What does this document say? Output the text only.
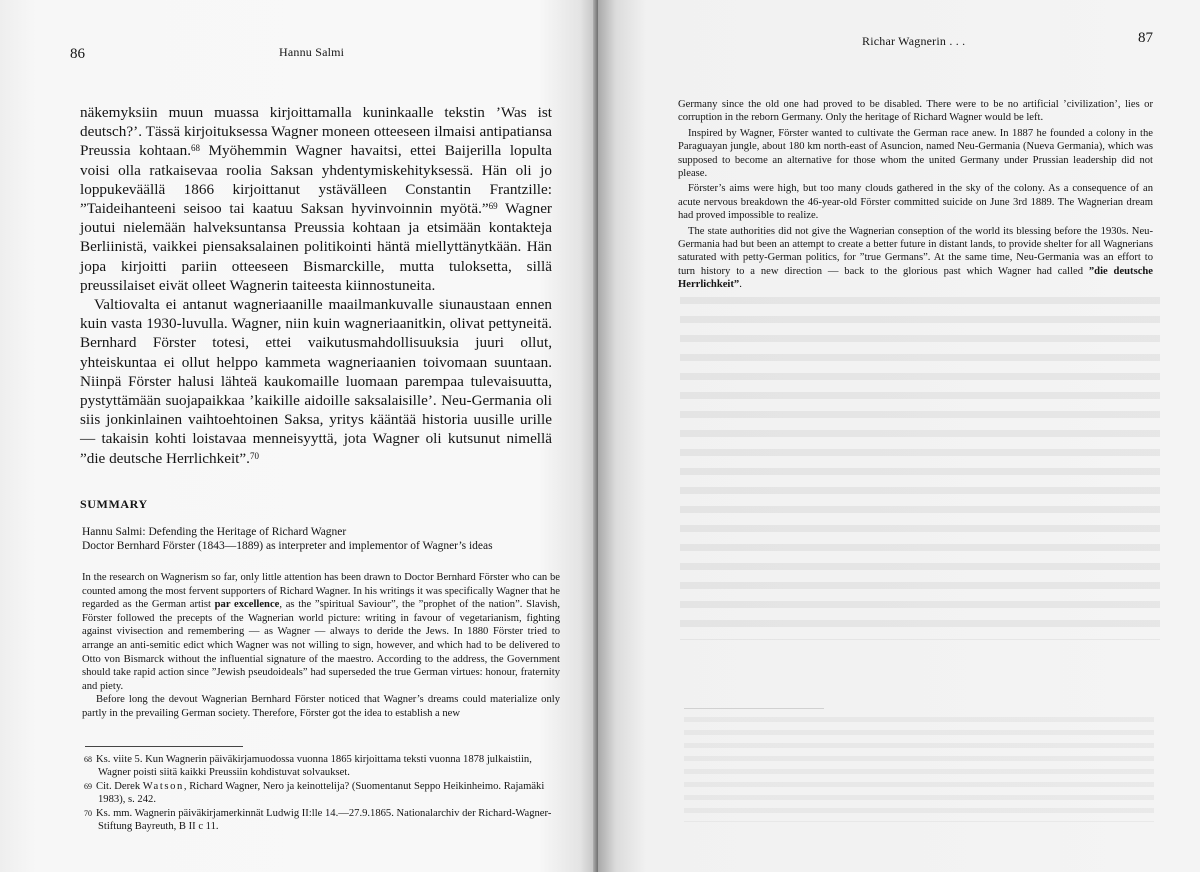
86	Hannu Salmi

näkemyksiin muun muassa kirjoittamalla kuninkaalle tekstin ’Was ist deutsch?’. Tässä kirjoituksessa Wagner moneen otteeseen ilmaisi antipatiansa Preussia kohtaan.$^{68}$ Myöhemmin Wagner havaitsi, ettei Baijerilla lopulta voisi olla ratkaisevaa roolia Saksan yhdentymiskehityksessä. Hän oli jo loppukeväällä 1866 kirjoittanut ystävälleen Constantin Frantzille: ”Taideihanteeni seisoo tai kaatuu Saksan hyvinvoinnin myötä.”$^{69}$ Wagner joutui nielemään halveksuntansa Preussia kohtaan ja etsimään kontakteja Berliinistä, vaikkei piensaksalainen politikointi häntä miellyttänytkään. Hän jopa kirjoitti pariin otteeseen Bismarckille, mutta tuloksetta, sillä preussilaiset eivät olleet Wagnerin taiteesta kiinnostuneita.

Valtiovalta ei antanut wagneriaanille maailmankuvalle siunaustaan ennen kuin vasta 1930-luvulla. Wagner, niin kuin wagneriaanitkin, olivat pettyneitä. Bernhard Förster totesi, ettei vaikutusmahdollisuuksia juuri ollut, yhteiskuntaa ei ollut helppo kammeta wagneriaanien toivomaan suuntaan. Niinpä Förster halusi lähteä kaukomaille luomaan parempaa tulevaisuutta, pystyttämään suojapaikkaa ’kaikille aidoille saksalaisille’. Neu-Germania oli siis jonkinlainen vaihtoehtoinen Saksa, yritys kääntää historia uusille urille — takaisin kohti loistavaa menneisyyttä, jota Wagner oli kutsunut nimellä ”die deutsche Herrlichkeit”.$^{70}$

SUMMARY
Hannu Salmi: Defending the Heritage of Richard Wagner
Doctor Bernhard Förster (1843—1889) as interpreter and implementor of Wagner’s ideas

In the research on Wagnerism so far, only little attention has been drawn to Doctor Bernhard Förster who can be counted among the most fervent supporters of Richard Wagner. In his writings it was specifically Wagner that he regarded as the German artist par excellence, as the ”spiritual Saviour”, the ”prophet of the nation”. Slavish, Förster followed the precepts of the Wagnerian world picture: writing in favour of vegetarianism, fighting against vivisection and remembering — as Wagner — always to deride the Jews. In 1880 Förster tried to arrange an anti-semitic edict which Wagner was not willing to sign, however, and which had to be delivered to Otto von Bismarck without the influential signature of the maestro. According to the address, the Government should take rapid action since ”Jewish pseudoideals” had superseded the true German virtues: honour, fraternity and piety.

Before long the devout Wagnerian Bernhard Förster noticed that Wagner’s dreams could materialize only partly in the prevailing German society. Therefore, Förster got the idea to establish a new

$^{68}$ Ks. viite 5. Kun Wagnerin päiväkirjamuodossa vuonna 1865 kirjoittama teksti vuonna 1878 julkaistiin, Wagner poisti siitä kaikki Preussiin kohdistuvat solvaukset.

$^{69}$ Cit. Derek Watson, Richard Wagner, Nero ja keinottelija? (Suomentanut Seppo Heikinheimo. Rajamäki 1983), s. 242.

$^{70}$ Ks. mm. Wagnerin päiväkirjamerkinnät Ludwig II:lle 14.—27.9.1865. Nationalarchiv der Richard-Wagner-Stiftung Bayreuth, B II c 11.

Richar Wagnerin . . .	87

Germany since the old one had proved to be disabled. There were to be no artificial ’civilization’, lies or corruption in the reborn Germany. Only the heritage of Richard Wagner would be left.

Inspired by Wagner, Förster wanted to cultivate the German race anew. In 1887 he founded a colony in the Paraguayan jungle, about 180 km north-east of Asuncion, named Neu-Germania (Nueva Germania), which was supposed to become an alternative for those whom the united Germany under Prussian leadership did not please.

Förster’s aims were high, but too many clouds gathered in the sky of the colony. As a consequence of an acute nervous breakdown the 46-year-old Förster committed suicide on June 3rd 1889. The Wagnerian dream had proved impossible to realize.

The state authorities did not give the Wagnerian conseption of the world its blessing before the 1930s. Neu-Germania had but been an attempt to create a better future in distant lands, to provide shelter for all Wagnerians saturated with petty-German politics, for ”true Germans”. At the same time, Neu-Germania was an effort to turn history to a new direction — back to the glorious past which Wagner had called ”die deutsche Herrlichkeit”.
